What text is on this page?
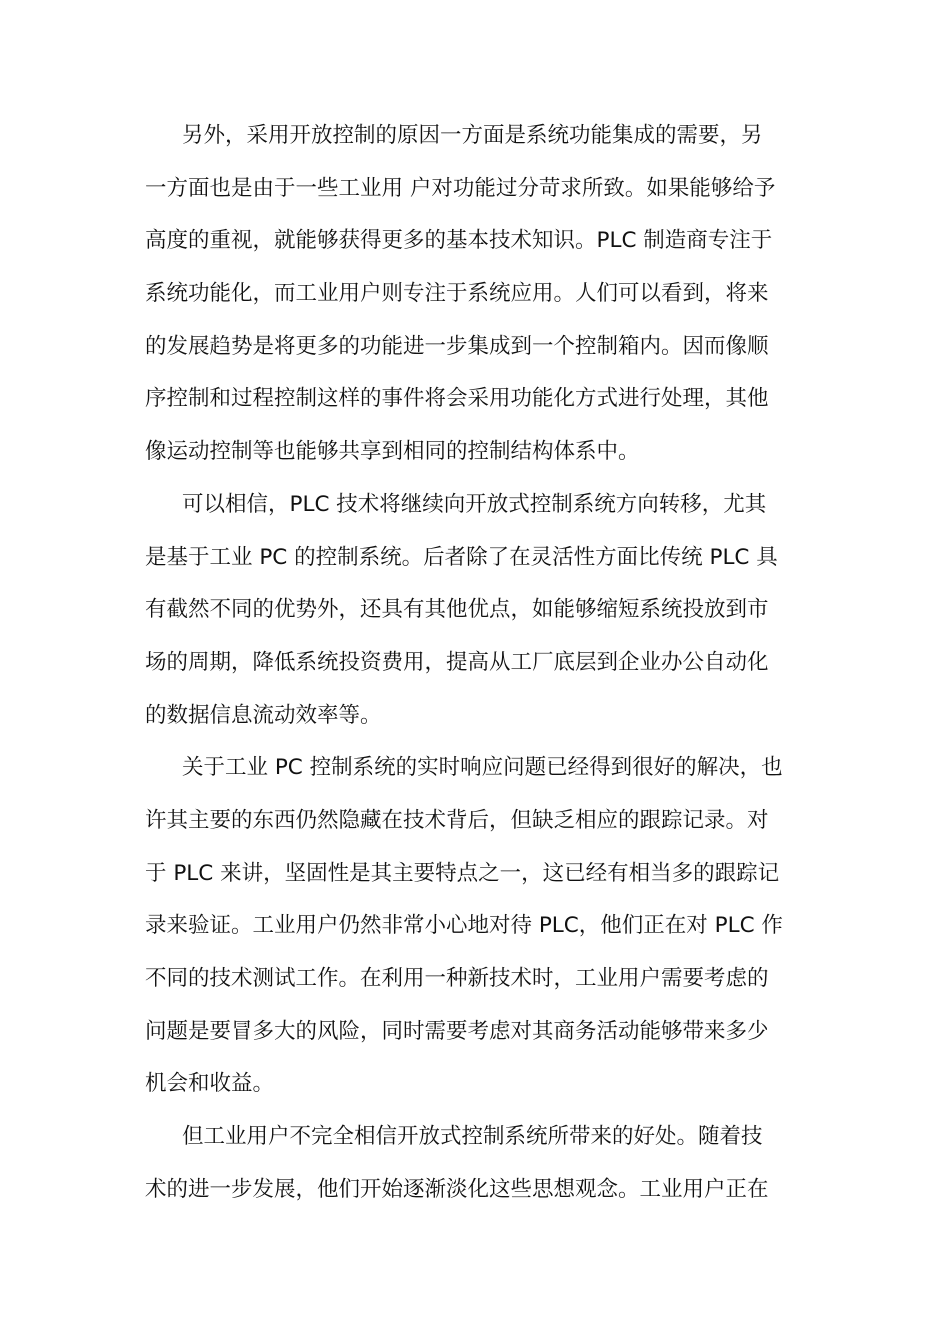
另外，采用开放控制的原因一方面是系统功能集成的需要，另
一方面也是由于一些工业用 户对功能过分苛求所致。如果能够给予
高度的重视，就能够获得更多的基本技术知识。PLC 制造商专注于
系统功能化，而工业用户则专注于系统应用。人们可以看到，将来
的发展趋势是将更多的功能进一步集成到一个控制箱内。因而像顺
序控制和过程控制这样的事件将会采用功能化方式进行处理，其他
像运动控制等也能够共享到相同的控制结构体系中。
可以相信，PLC 技术将继续向开放式控制系统方向转移，尤其
是基于工业 PC 的控制系统。后者除了在灵活性方面比传统 PLC 具
有截然不同的优势外，还具有其他优点，如能够缩短系统投放到市
场的周期，降低系统投资费用，提高从工厂底层到企业办公自动化
的数据信息流动效率等。
关于工业 PC 控制系统的实时响应问题已经得到很好的解决，也
许其主要的东西仍然隐藏在技术背后，但缺乏相应的跟踪记录。对
于 PLC 来讲，坚固性是其主要特点之一，这已经有相当多的跟踪记
录来验证。工业用户仍然非常小心地对待 PLC，他们正在对 PLC 作
不同的技术测试工作。在利用一种新技术时，工业用户需要考虑的
问题是要冒多大的风险，同时需要考虑对其商务活动能够带来多少
机会和收益。
但工业用户不完全相信开放式控制系统所带来的好处。随着技
术的进一步发展，他们开始逐渐淡化这些思想观念。工业用户正在
